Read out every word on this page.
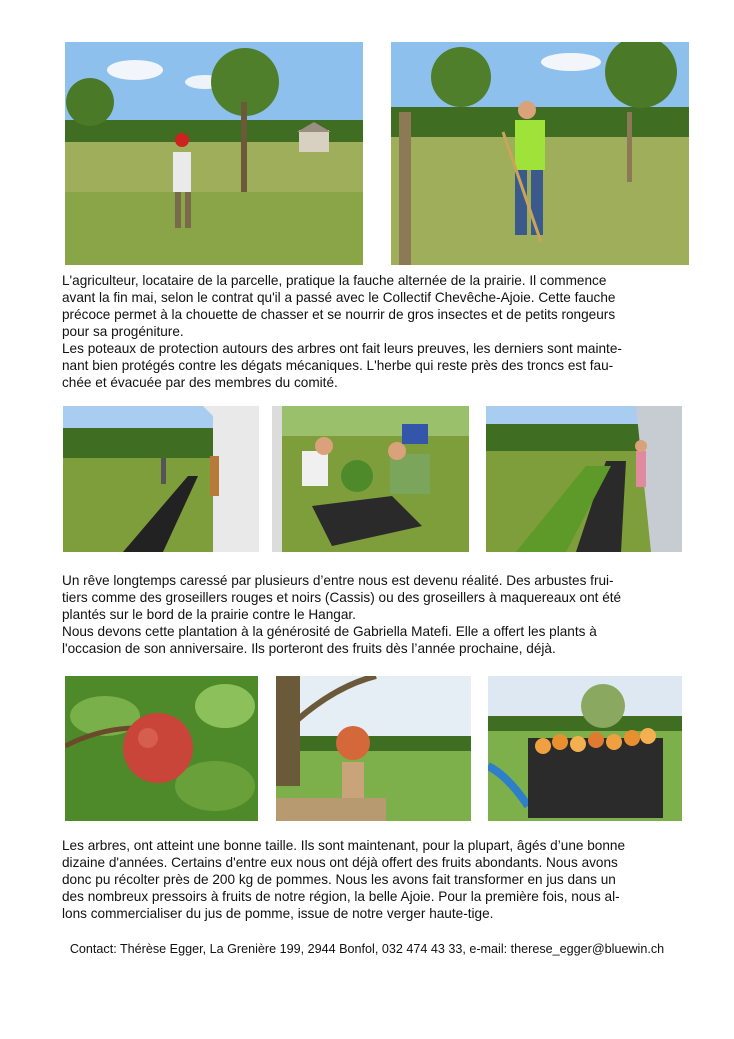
L'agriculteur, locataire de la parcelle, pratique la fauche alternée de la prairie. Il commence
avant la fin mai, selon le contrat qu'il a passé avec le Collectif Chevêche-Ajoie. Cette fauche
précoce permet à la chouette de chasser et se nourrir de gros insectes et de petits rongeurs
pour sa progéniture.
Les poteaux de protection autours des arbres ont fait leurs preuves, les derniers sont mainte-
nant bien protégés contre les dégats mécaniques. L'herbe qui reste près des troncs est fau-
chée et évacuée par des membres du comité.

Un rêve longtemps caressé par plusieurs d’entre nous est devenu réalité. Des arbustes frui-
tiers comme des groseillers rouges et noirs (Cassis) ou des groseillers à maquereaux ont été
plantés sur le bord de la prairie contre le Hangar.
Nous devons cette plantation à la générosité de Gabriella Matefi. Elle a offert les plants à
l'occasion de son anniversaire. Ils porteront des fruits dès l’année prochaine, déjà.

Les arbres, ont atteint une bonne taille. Ils sont maintenant, pour la plupart, âgés d’une bonne
dizaine d'années. Certains d'entre eux nous ont déjà offert des fruits abondants. Nous avons
donc pu récolter près de 200 kg de pommes. Nous les avons fait transformer en jus dans un
des nombreux pressoirs à fruits de notre région, la belle Ajoie. Pour la première fois, nous al-
lons commercialiser du jus de pomme, issue de notre verger haute-tige.

Contact: Thérèse Egger, La Grenière 199, 2944 Bonfol, 032 474 43 33, e-mail: therese_egger@bluewin.ch
